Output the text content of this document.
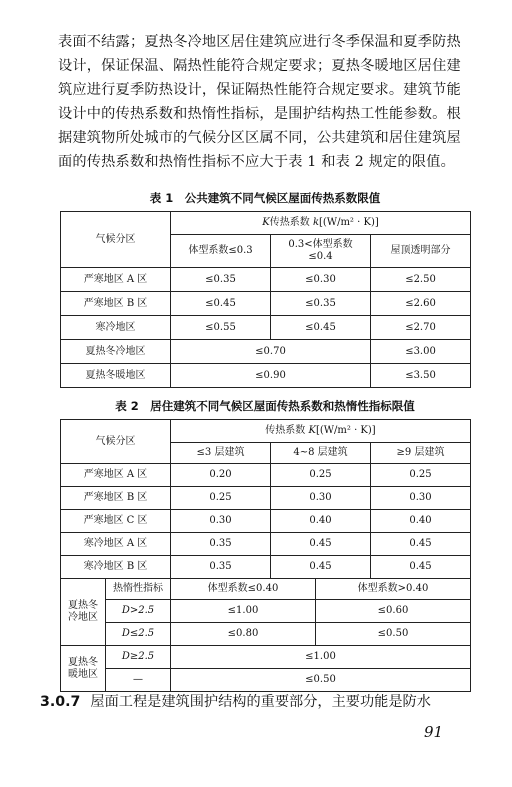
表面不结露；夏热冬冷地区居住建筑应进行冬季保温和夏季防热
设计，保证保温、隔热性能符合规定要求；夏热冬暖地区居住建
筑应进行夏季防热设计，保证隔热性能符合规定要求。建筑节能
设计中的传热系数和热惰性指标，是围护结构热工性能参数。根
据建筑物所处城市的气候分区区属不同，公共建筑和居住建筑屋
面的传热系数和热惰性指标不应大于表 1 和表 2 规定的限值。

表 1　公共建筑不同气候区屋面传热系数限值

气候分区	K传热系数 k[(W/m² · K)]		
	体型系数≤0.3	0.3<体型系数
≤0.4	屋顶透明部分
严寒地区 A 区	≤0.35	≤0.30	≤2.50
严寒地区 B 区	≤0.45	≤0.35	≤2.60
寒冷地区	≤0.55	≤0.45	≤2.70
夏热冬冷地区	≤0.70		≤3.00
夏热冬暖地区	≤0.90		≤3.50

表 2　居住建筑不同气候区屋面传热系数和热惰性指标限值

气候分区		传热系数 K[(W/m² · K)]			
		≤3 层建筑	4~8 层建筑		≥9 层建筑
严寒地区 A 区		0.20	0.25		0.25
严寒地区 B 区		0.25	0.30		0.30
严寒地区 C 区		0.30	0.40		0.40
寒冷地区 A 区		0.35	0.45		0.45
寒冷地区 B 区		0.35	0.45		0.45
夏热冬
冷地区	热惰性指标	体型系数≤0.40		体型系数>0.40	
	D>2.5	≤1.00		≤0.60	
	D≤2.5	≤0.80		≤0.50	
夏热冬
暖地区	D≥2.5	≤1.00			
	—	≤0.50			

3.0.7 屋面工程是建筑围护结构的重要部分，主要功能是防水

91
